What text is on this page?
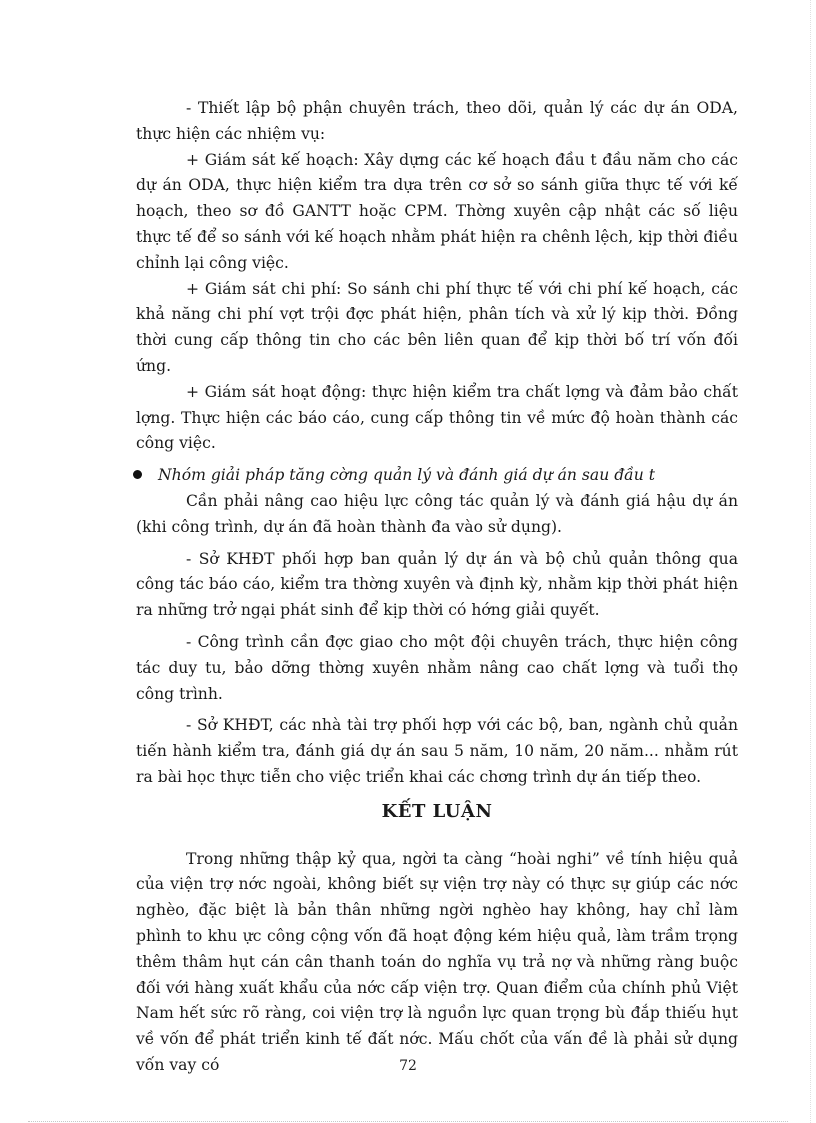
- Thiết lập bộ phận chuyên trách, theo dõi, quản lý các dự án ODA, thực hiện các nhiệm vụ:

+ Giám sát kế hoạch: Xây dựng các kế hoạch đầu t đầu năm cho các dự án ODA, thực hiện kiểm tra dựa trên cơ sở so sánh giữa thực tế với kế hoạch, theo sơ đồ GANTT hoặc CPM. Thờng xuyên cập nhật các số liệu thực tế để so sánh với kế hoạch nhằm phát hiện ra chênh lệch, kịp thời điều chỉnh lại công việc.

+ Giám sát chi phí: So sánh chi phí thực tế với chi phí kế hoạch, các khả năng chi phí vợt trội đợc phát hiện, phân tích và xử lý kịp thời. Đồng thời cung cấp thông tin cho các bên liên quan để kịp thời bố trí vốn đối ứng.

+ Giám sát hoạt động: thực hiện kiểm tra chất lợng và đảm bảo chất lợng. Thực hiện các báo cáo, cung cấp thông tin về mức độ hoàn thành các công việc.

Nhóm giải pháp tăng cờng quản lý và đánh giá dự án sau đầu t

Cần phải nâng cao hiệu lực công tác quản lý và đánh giá hậu dự án (khi công trình, dự án đã hoàn thành đa vào sử dụng).

- Sở KHĐT phối hợp ban quản lý dự án và bộ chủ quản thông qua công tác báo cáo, kiểm tra thờng xuyên và định kỳ, nhằm kịp thời phát hiện ra những trở ngại phát sinh để kịp thời có hớng giải quyết.

- Công trình cần đợc giao cho một đội chuyên trách, thực hiện công tác duy tu, bảo dỡng thờng xuyên nhằm nâng cao chất lợng và tuổi thọ công trình.

- Sở KHĐT, các nhà tài trợ phối hợp với các bộ, ban, ngành chủ quản tiến hành kiểm tra, đánh giá dự án sau 5 năm, 10 năm, 20 năm... nhằm rút ra bài học thực tiễn cho việc triển khai các chơng trình dự án tiếp theo.

KẾT LUẬN

Trong những thập kỷ qua, ngời ta càng “hoài nghi” về tính hiệu quả của viện trợ nớc ngoài, không biết sự viện trợ này có thực sự giúp các nớc nghèo, đặc biệt là bản thân những ngời nghèo hay không, hay chỉ làm phình to khu ực công cộng vốn đã hoạt động kém hiệu quả, làm trầm trọng thêm thâm hụt cán cân thanh toán do nghĩa vụ trả nợ và những ràng buộc đối với hàng xuất khẩu của nớc cấp viện trợ. Quan điểm của chính phủ Việt Nam hết sức rõ ràng, coi viện trợ là nguồn lực quan trọng bù đắp thiếu hụt về vốn để phát triển kinh tế đất nớc. Mấu chốt của vấn đề là phải sử dụng vốn vay có	72
